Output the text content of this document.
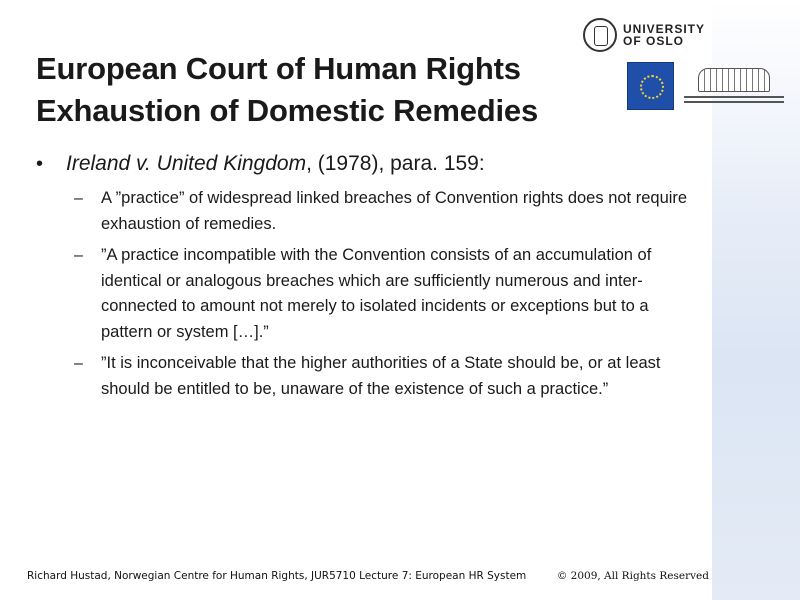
UNIVERSITY
OF OSLO
European Court of Human Rights
Exhaustion of Domestic Remedies
• Ireland v. United Kingdom, (1978), para. 159:
– A ”practice” of widespread linked breaches of Convention rights does not require exhaustion of remedies.
– ”A practice incompatible with the Convention consists of an accumulation of identical or analogous breaches which are sufficiently numerous and inter-connected to amount not merely to isolated incidents or exceptions but to a pattern or system […].”
– ”It is inconceivable that the higher authorities of a State should be, or at least should be entitled to be, unaware of the existence of such a practice.”
Richard Hustad, Norwegian Centre for Human Rights, JUR5710 Lecture 7: European HR System	© 2009, All Rights Reserved
